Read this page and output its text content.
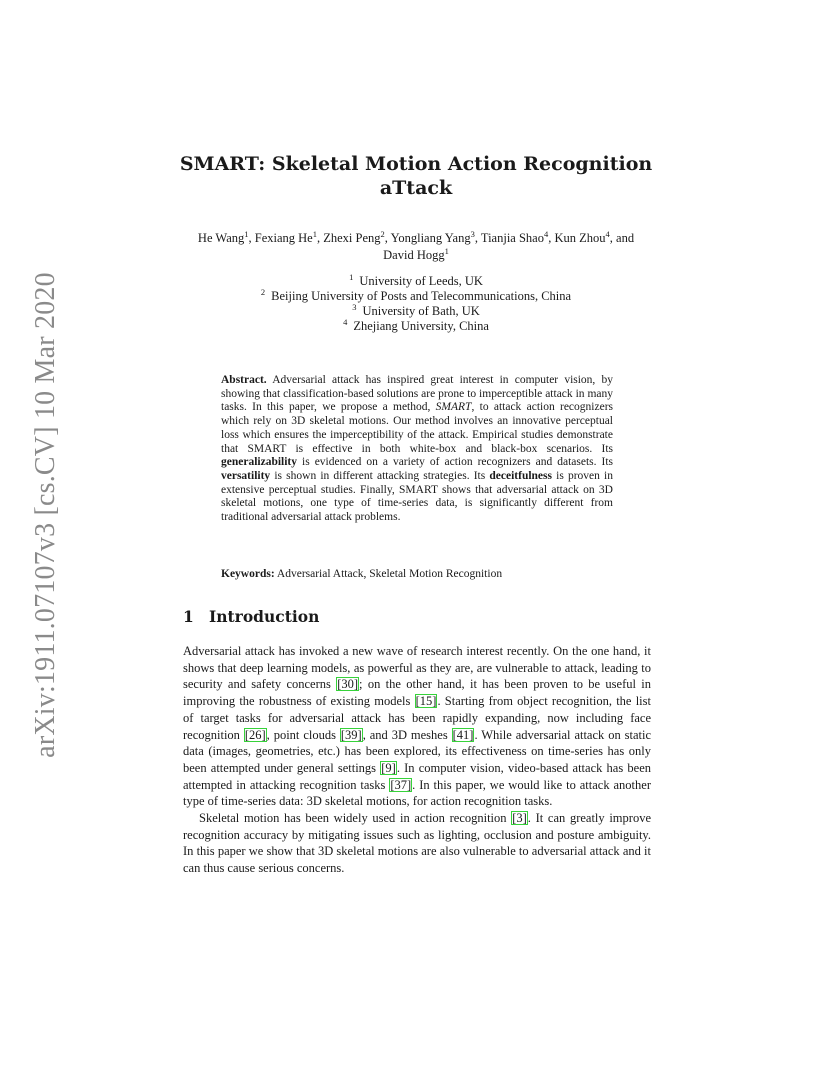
arXiv:1911.07107v3 [cs.CV] 10 Mar 2020
SMART: Skeletal Motion Action Recognition
aTtack
He Wang$^1$, Fexiang He$^1$, Zhexi Peng$^2$, Yongliang Yang$^3$, Tianjia Shao$^4$, Kun Zhou$^4$, and David Hogg$^1$
$^1$ University of Leeds, UK
$^2$ Beijing University of Posts and Telecommunications, China
$^3$ University of Bath, UK
$^4$ Zhejiang University, China
Abstract. Adversarial attack has inspired great interest in computer vision, by showing that classification-based solutions are prone to imperceptible attack in many tasks. In this paper, we propose a method, SMART, to attack action recognizers which rely on 3D skeletal motions. Our method involves an innovative perceptual loss which ensures the imperceptibility of the attack. Empirical studies demonstrate that SMART is effective in both white-box and black-box scenarios. Its generalizability is evidenced on a variety of action recognizers and datasets. Its versatility is shown in different attacking strategies. Its deceitfulness is proven in extensive perceptual studies. Finally, SMART shows that adversarial attack on 3D skeletal motions, one type of time-series data, is significantly different from traditional adversarial attack problems.
Keywords: Adversarial Attack, Skeletal Motion Recognition
1 Introduction

Adversarial attack has invoked a new wave of research interest recently. On the one hand, it shows that deep learning models, as powerful as they are, are vulnerable to attack, leading to security and safety concerns [30]; on the other hand, it has been proven to be useful in improving the robustness of existing models [15]. Starting from object recognition, the list of target tasks for adversarial attack has been rapidly expanding, now including face recognition [26], point clouds [39], and 3D meshes [41]. While adversarial attack on static data (images, geometries, etc.) has been explored, its effectiveness on time-series has only been attempted under general settings [9]. In computer vision, video-based attack has been attempted in attacking recognition tasks [37]. In this paper, we would like to attack another type of time-series data: 3D skeletal motions, for action recognition tasks.

Skeletal motion has been widely used in action recognition [3]. It can greatly improve recognition accuracy by mitigating issues such as lighting, occlusion and posture ambiguity. In this paper we show that 3D skeletal motions are also vulnerable to adversarial attack and it can thus cause serious concerns.
